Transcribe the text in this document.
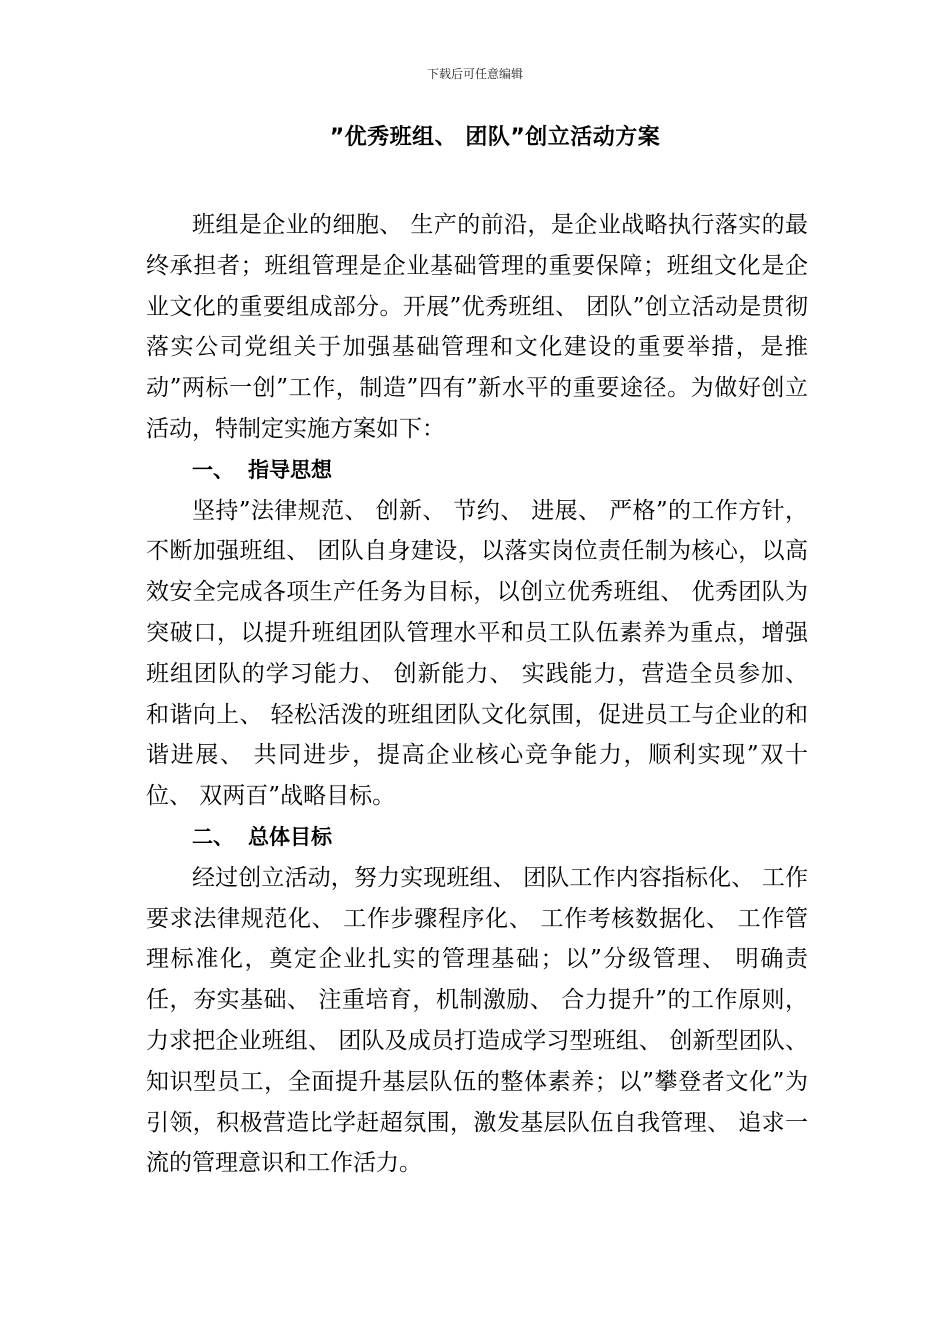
下载后可任意编辑
”优秀班组、 团队”创立活动方案

班组是企业的细胞、 生产的前沿，是企业战略执行落实的最终承担者；班组管理是企业基础管理的重要保障；班组文化是企业文化的重要组成部分。开展”优秀班组、 团队”创立活动是贯彻落实公司党组关于加强基础管理和文化建设的重要举措，是推动”两标一创”工作，制造”四有”新水平的重要途径。为做好创立活动，特制定实施方案如下：

一、 指导思想

坚持”法律规范、 创新、 节约、 进展、 严格”的工作方针，不断加强班组、 团队自身建设，以落实岗位责任制为核心，以高效安全完成各项生产任务为目标，以创立优秀班组、 优秀团队为突破口，以提升班组团队管理水平和员工队伍素养为重点，增强班组团队的学习能力、 创新能力、 实践能力，营造全员参加、 和谐向上、 轻松活泼的班组团队文化氛围，促进员工与企业的和谐进展、 共同进步，提高企业核心竞争能力，顺利实现”双十位、 双两百”战略目标。

二、 总体目标

经过创立活动，努力实现班组、 团队工作内容指标化、 工作要求法律规范化、 工作步骤程序化、 工作考核数据化、 工作管理标准化，奠定企业扎实的管理基础；以”分级管理、 明确责任，夯实基础、 注重培育，机制激励、 合力提升”的工作原则，力求把企业班组、 团队及成员打造成学习型班组、 创新型团队、 知识型员工，全面提升基层队伍的整体素养；以”攀登者文化”为引领，积极营造比学赶超氛围，激发基层队伍自我管理、 追求一流的管理意识和工作活力。
